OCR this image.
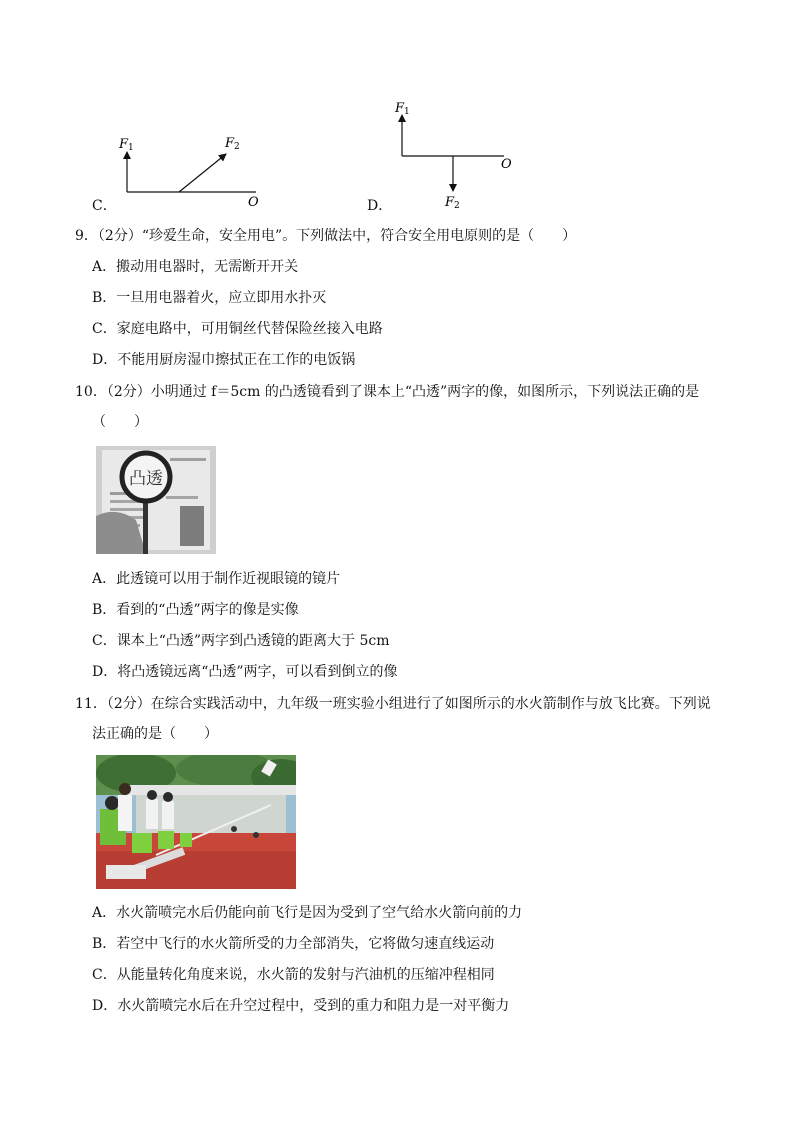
F1	F2
O
C．
F1
F2
O
D．
9．（2分）“珍爱生命，安全用电”。下列做法中，符合安全用电原则的是（　　）
A．搬动用电器时，无需断开开关
B．一旦用电器着火，应立即用水扑灭
C．家庭电路中，可用铜丝代替保险丝接入电路
D．不能用厨房湿巾擦拭正在工作的电饭锅
10．（2分）小明通过 f＝5cm 的凸透镜看到了课本上“凸透”两字的像，如图所示，下列说法正确的是
（　　）
凸透
A．此透镜可以用于制作近视眼镜的镜片
B．看到的“凸透”两字的像是实像
C．课本上“凸透”两字到凸透镜的距离大于 5cm
D．将凸透镜远离“凸透”两字，可以看到倒立的像
11．（2分）在综合实践活动中，九年级一班实验小组进行了如图所示的水火箭制作与放飞比赛。下列说
法正确的是（　　）
A．水火箭喷完水后仍能向前飞行是因为受到了空气给水火箭向前的力
B．若空中飞行的水火箭所受的力全部消失，它将做匀速直线运动
C．从能量转化角度来说，水火箭的发射与汽油机的压缩冲程相同
D．水火箭喷完水后在升空过程中，受到的重力和阻力是一对平衡力
